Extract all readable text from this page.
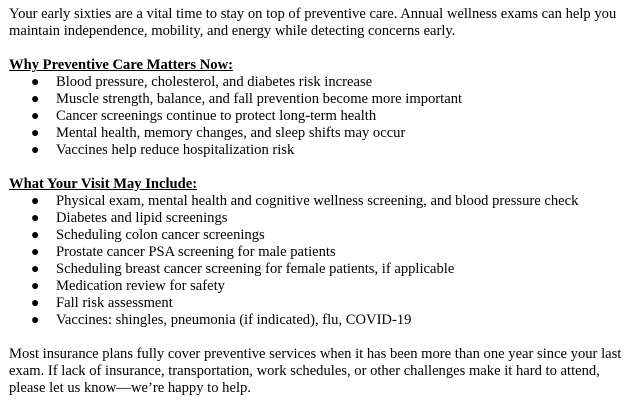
Your early sixties are a vital time to stay on top of preventive care. Annual wellness exams can help you maintain independence, mobility, and energy while detecting concerns early.

Why Preventive Care Matters Now:

● Blood pressure, cholesterol, and diabetes risk increase
● Muscle strength, balance, and fall prevention become more important
● Cancer screenings continue to protect long-term health
● Mental health, memory changes, and sleep shifts may occur
● Vaccines help reduce hospitalization risk

What Your Visit May Include:

● Physical exam, mental health and cognitive wellness screening, and blood pressure check
● Diabetes and lipid screenings
● Scheduling colon cancer screenings
● Prostate cancer PSA screening for male patients
● Scheduling breast cancer screening for female patients, if applicable
● Medication review for safety
● Fall risk assessment
● Vaccines: shingles, pneumonia (if indicated), flu, COVID-19

Most insurance plans fully cover preventive services when it has been more than one year since your last exam. If lack of insurance, transportation, work schedules, or other challenges make it hard to attend, please let us know—we’re happy to help.
